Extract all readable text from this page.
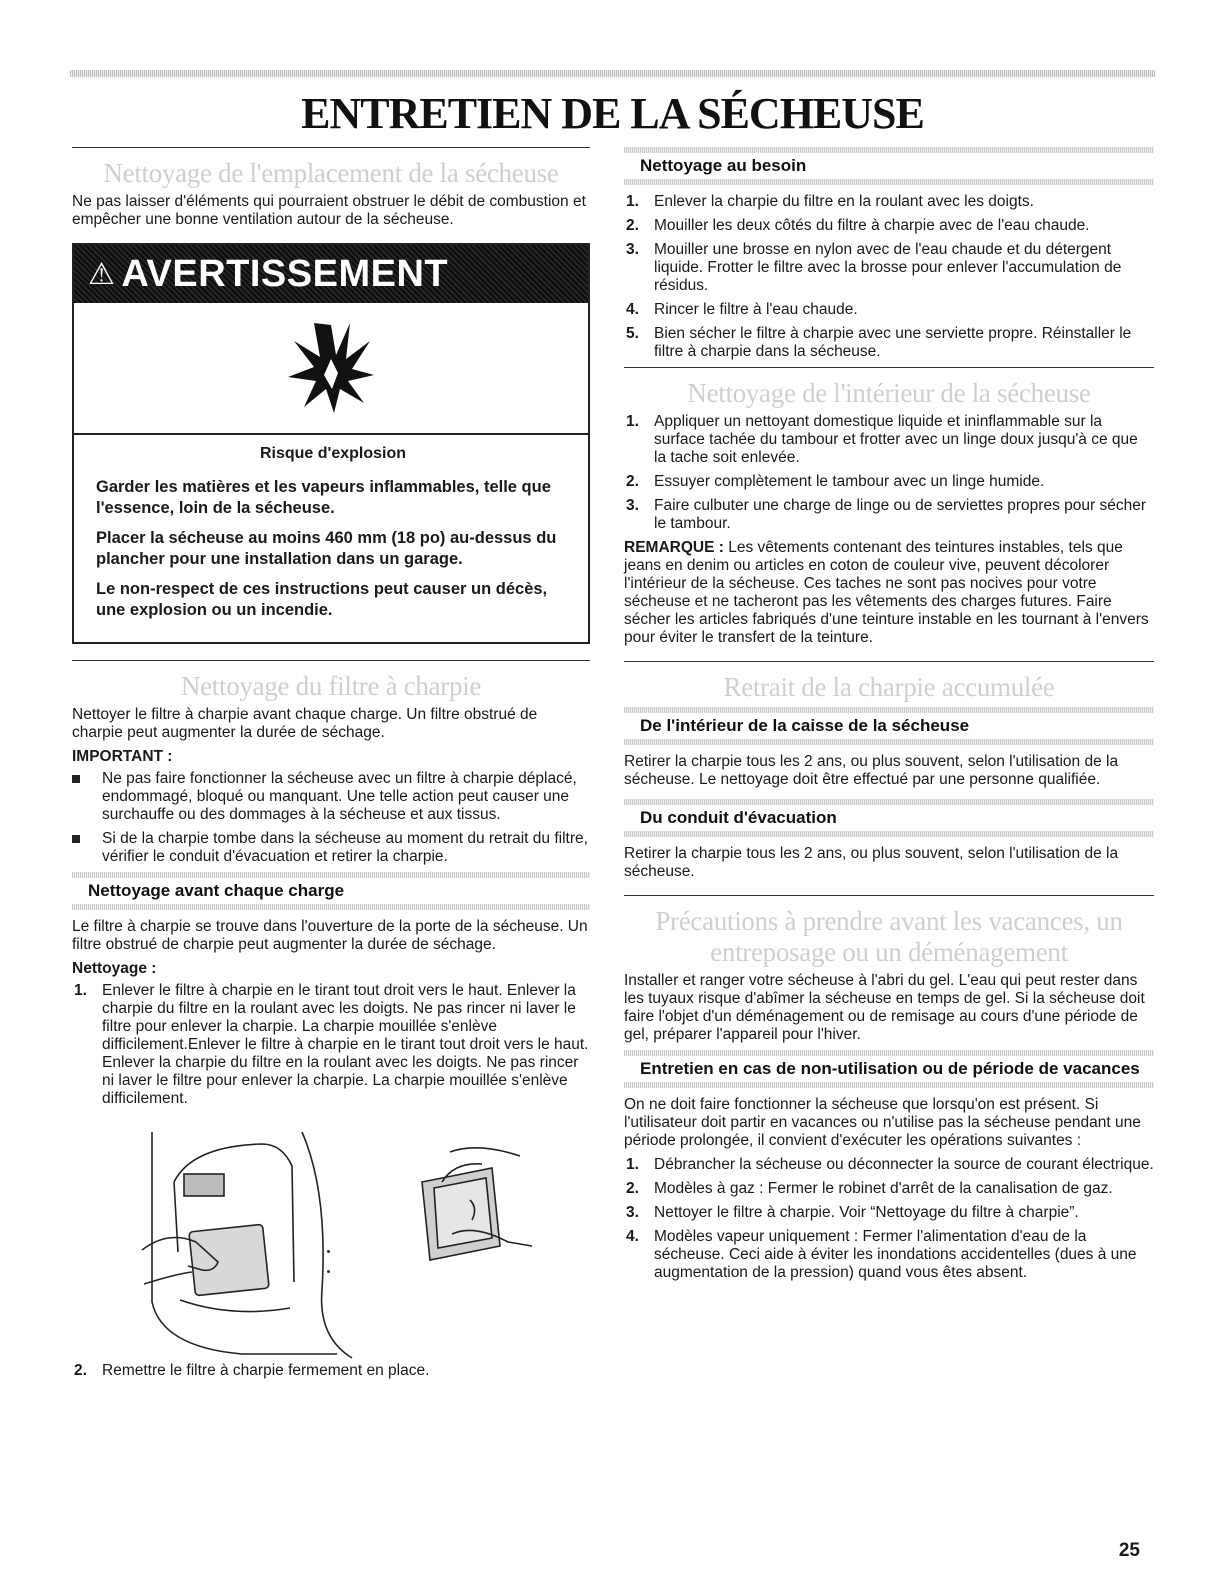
ENTRETIEN DE LA SÉCHEUSE
Nettoyage de l'emplacement de la sécheuse

Ne pas laisser d'éléments qui pourraient obstruer le débit de combustion et empêcher une bonne ventilation autour de la sécheuse.

⚠ AVERTISSEMENT
Risque d'explosion

Garder les matières et les vapeurs inflammables, telle que l'essence, loin de la sécheuse.

Placer la sécheuse au moins 460 mm (18 po) au-dessus du plancher pour une installation dans un garage.

Le non-respect de ces instructions peut causer un décès, une explosion ou un incendie.

Nettoyage du filtre à charpie

Nettoyer le filtre à charpie avant chaque charge. Un filtre obstrué de charpie peut augmenter la durée de séchage.

IMPORTANT :
Ne pas faire fonctionner la sécheuse avec un filtre à charpie déplacé, endommagé, bloqué ou manquant. Une telle action peut causer une surchauffe ou des dommages à la sécheuse et aux tissus.
Si de la charpie tombe dans la sécheuse au moment du retrait du filtre, vérifier le conduit d'évacuation et retirer la charpie.
Nettoyage avant chaque charge

Le filtre à charpie se trouve dans l'ouverture de la porte de la sécheuse. Un filtre obstrué de charpie peut augmenter la durée de séchage.

Nettoyage :
1. Enlever le filtre à charpie en le tirant tout droit vers le haut. Enlever la charpie du filtre en la roulant avec les doigts. Ne pas rincer ni laver le filtre pour enlever la charpie. La charpie mouillée s'enlève difficilement.Enlever le filtre à charpie en le tirant tout droit vers le haut. Enlever la charpie du filtre en la roulant avec les doigts. Ne pas rincer ni laver le filtre pour enlever la charpie. La charpie mouillée s'enlève difficilement.
2. Remettre le filtre à charpie fermement en place.
Nettoyage au besoin
1. Enlever la charpie du filtre en la roulant avec les doigts.
2. Mouiller les deux côtés du filtre à charpie avec de l'eau chaude.
3. Mouiller une brosse en nylon avec de l'eau chaude et du détergent liquide. Frotter le filtre avec la brosse pour enlever l'accumulation de résidus.
4. Rincer le filtre à l'eau chaude.
5. Bien sécher le filtre à charpie avec une serviette propre. Réinstaller le filtre à charpie dans la sécheuse.
Nettoyage de l'intérieur de la sécheuse
1. Appliquer un nettoyant domestique liquide et ininflammable sur la surface tachée du tambour et frotter avec un linge doux jusqu'à ce que la tache soit enlevée.
2. Essuyer complètement le tambour avec un linge humide.
3. Faire culbuter une charge de linge ou de serviettes propres pour sécher le tambour.

REMARQUE : Les vêtements contenant des teintures instables, tels que jeans en denim ou articles en coton de couleur vive, peuvent décolorer l'intérieur de la sécheuse. Ces taches ne sont pas nocives pour votre sécheuse et ne tacheront pas les vêtements des charges futures. Faire sécher les articles fabriqués d'une teinture instable en les tournant à l'envers pour éviter le transfert de la teinture.

Retrait de la charpie accumulée
De l'intérieur de la caisse de la sécheuse

Retirer la charpie tous les 2 ans, ou plus souvent, selon l'utilisation de la sécheuse. Le nettoyage doit être effectué par une personne qualifiée.

Du conduit d'évacuation

Retirer la charpie tous les 2 ans, ou plus souvent, selon l'utilisation de la sécheuse.

Précautions à prendre avant les vacances, un
entreposage ou un déménagement

Installer et ranger votre sécheuse à l'abri du gel. L'eau qui peut rester dans les tuyaux risque d'abîmer la sécheuse en temps de gel. Si la sécheuse doit faire l'objet d'un déménagement ou de remisage au cours d'une période de gel, préparer l'appareil pour l'hiver.

Entretien en cas de non-utilisation ou de période de vacances

On ne doit faire fonctionner la sécheuse que lorsqu'on est présent. Si l'utilisateur doit partir en vacances ou n'utilise pas la sécheuse pendant une période prolongée, il convient d'exécuter les opérations suivantes :

1. Débrancher la sécheuse ou déconnecter la source de courant électrique.
2. Modèles à gaz : Fermer le robinet d'arrêt de la canalisation de gaz.
3. Nettoyer le filtre à charpie. Voir “Nettoyage du filtre à charpie”.
4. Modèles vapeur uniquement : Fermer l'alimentation d'eau de la sécheuse. Ceci aide à éviter les inondations accidentelles (dues à une augmentation de la pression) quand vous êtes absent.
25
